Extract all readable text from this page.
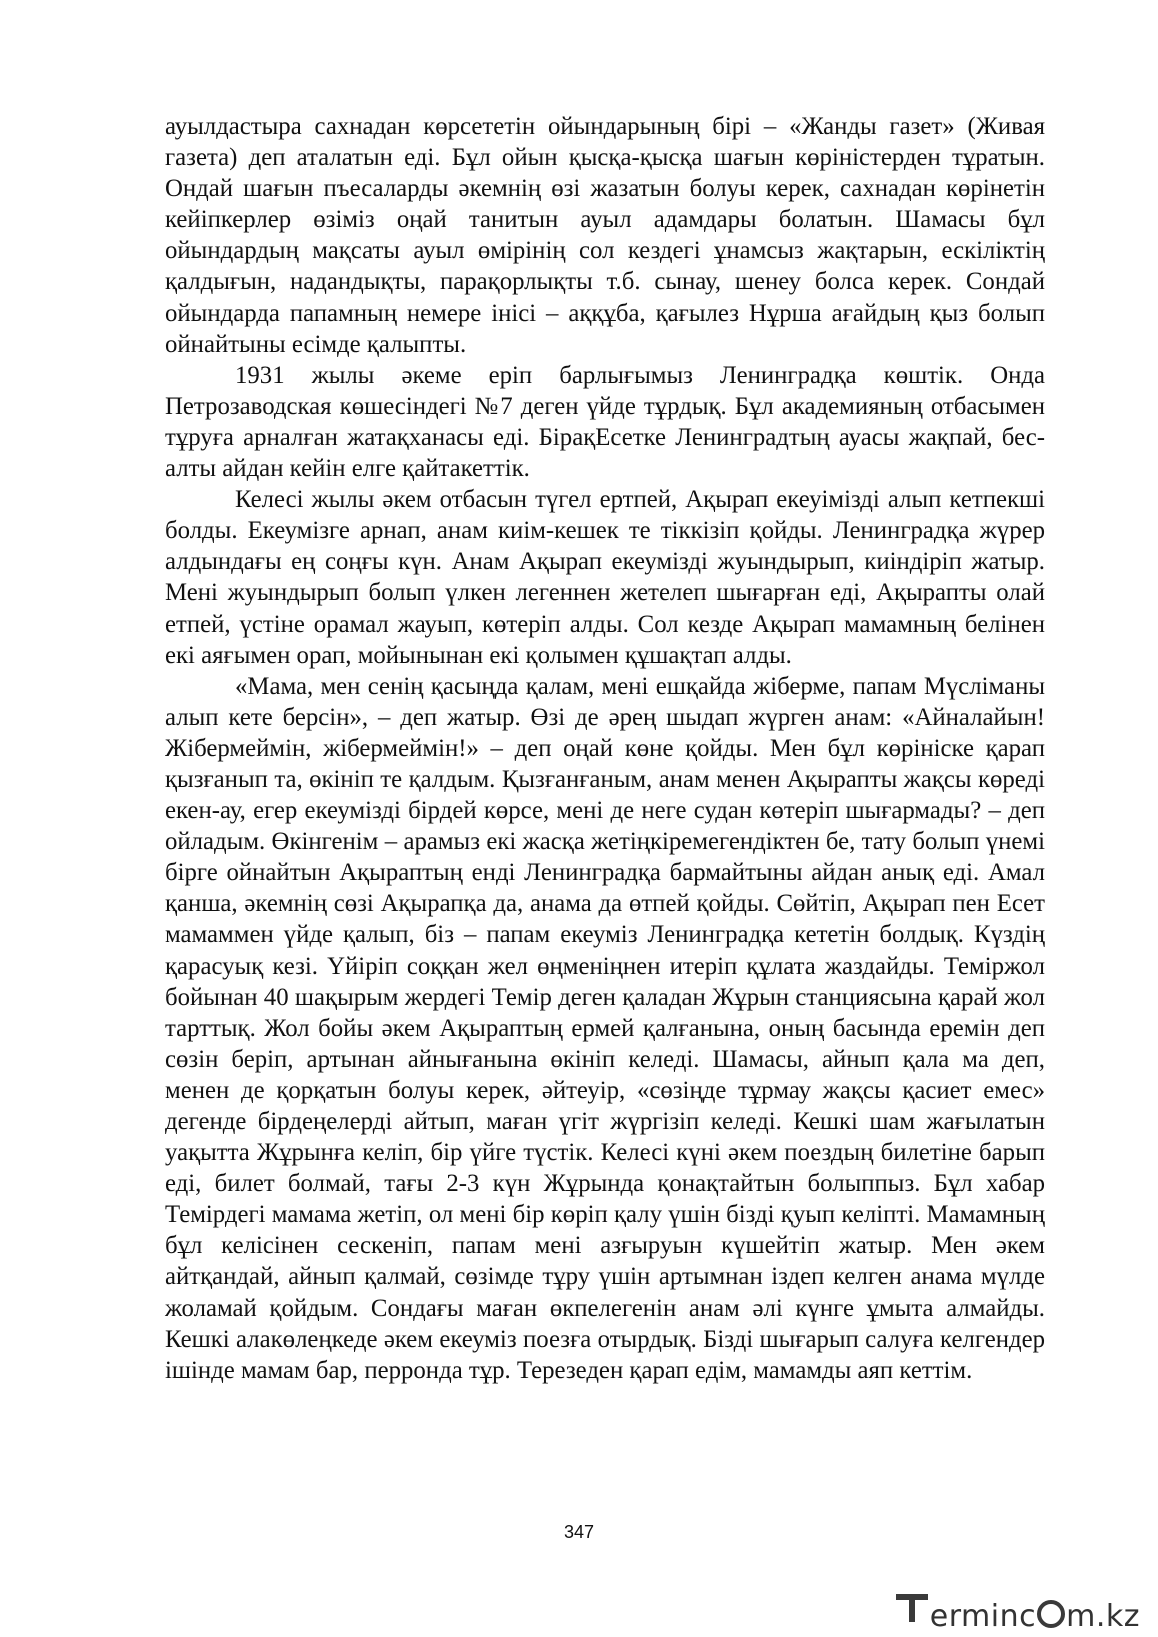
ауылдастыра сахнадан көрсететін ойындарының бірі – «Жанды газет» (Живая газета) деп аталатын еді. Бұл ойын қысқа-қысқа шағын көріністерден тұратын. Ондай шағын пъесаларды әкемнің өзі жазатын болуы керек, сахнадан көрінетін кейіпкерлер өзіміз оңай танитын ауыл адамдары болатын. Шамасы бұл ойындардың мақсаты ауыл өмірінің сол кездегі ұнамсыз жақтарын, ескіліктің қалдығын, надандықты, парақорлықты т.б. сынау, шенеу болса керек. Сондай ойындарда папамның немере інісі – аққұба, қағылез Нұрша ағайдың қыз болып ойнайтыны есімде қалыпты.

1931 жылы әкеме еріп барлығымыз Ленинградқа көштік. Онда Петрозаводская көшесіндегі №7 деген үйде тұрдық. Бұл академияның отбасымен тұруға арналған жатақханасы еді. БірақЕсетке Ленинградтың ауасы жақпай, бес-алты айдан кейін елге қайтакеттік.

Келесі жылы әкем отбасын түгел ертпей, Ақырап екеуімізді алып кетпекші болды. Екеумізге арнап, анам киім-кешек те тіккізіп қойды. Ленинградқа жүрер алдындағы ең соңғы күн. Анам Ақырап екеумізді жуындырып, киіндіріп жатыр. Мені жуындырып болып үлкен легеннен жетелеп шығарған еді, Ақырапты олай етпей, үстіне орамал жауып, көтеріп алды. Сол кезде Ақырап мамамның белінен екі аяғымен орап, мойынынан екі қолымен құшақтап алды.

«Мама, мен сенің қасыңда қалам, мені ешқайда жіберме, папам Мүсліманы алып кете берсін», – деп жатыр. Өзі де әрең шыдап жүрген анам: «Айналайын! Жібермеймін, жібермеймін!» – деп оңай көне қойды. Мен бұл көрініске қарап қызғанып та, өкініп те қалдым. Қызғанғаным, анам менен Ақырапты жақсы көреді екен-ау, егер екеумізді бірдей көрсе, мені де неге судан көтеріп шығармады? – деп ойладым. Өкінгенім – арамыз екі жасқа жетіңкіремегендіктен бе, тату болып үнемі бірге ойнайтын Ақыраптың енді Ленинградқа бармайтыны айдан анық еді. Амал қанша, әкемнің сөзі Ақырапқа да, анама да өтпей қойды. Сөйтіп, Ақырап пен Есет мамаммен үйде қалып, біз – папам екеуміз Ленинградқа кететін болдық. Күздің қарасуық кезі. Үйіріп соққан жел өңменіңнен итеріп құлата жаздайды. Теміржол бойынан 40 шақырым жердегі Темір деген қаладан Жұрын станциясына қарай жол тарттық. Жол бойы әкем Ақыраптың ермей қалғанына, оның басында еремін деп сөзін беріп, артынан айнығанына өкініп келеді. Шамасы, айнып қала ма деп, менен де қорқатын болуы керек, әйтеуір, «сөзіңде тұрмау жақсы қасиет емес» дегенде бірдеңелерді айтып, маған үгіт жүргізіп келеді. Кешкі шам жағылатын уақытта Жұрынға келіп, бір үйге түстік. Келесі күні әкем поездың билетіне барып еді, билет болмай, тағы 2-3 күн Жұрында қонақтайтын болыппыз. Бұл хабар Темірдегі мамама жетіп, ол мені бір көріп қалу үшін бізді қуып келіпті. Мамамның бұл келісінен сескеніп, папам мені азғыруын күшейтіп жатыр. Мен әкем айтқандай, айнып қалмай, сөзімде тұру үшін артымнан іздеп келген анама мүлде жоламай қойдым. Сондағы маған өкпелегенін анам әлі күнге ұмыта алмайды. Кешкі алакөлеңкеде әкем екеуміз поезға отырдық. Бізді шығарып салуға келгендер ішінде мамам бар, перронда тұр. Терезеден қарап едім, мамамды аяп кеттім.

347
ermin c m.kz
